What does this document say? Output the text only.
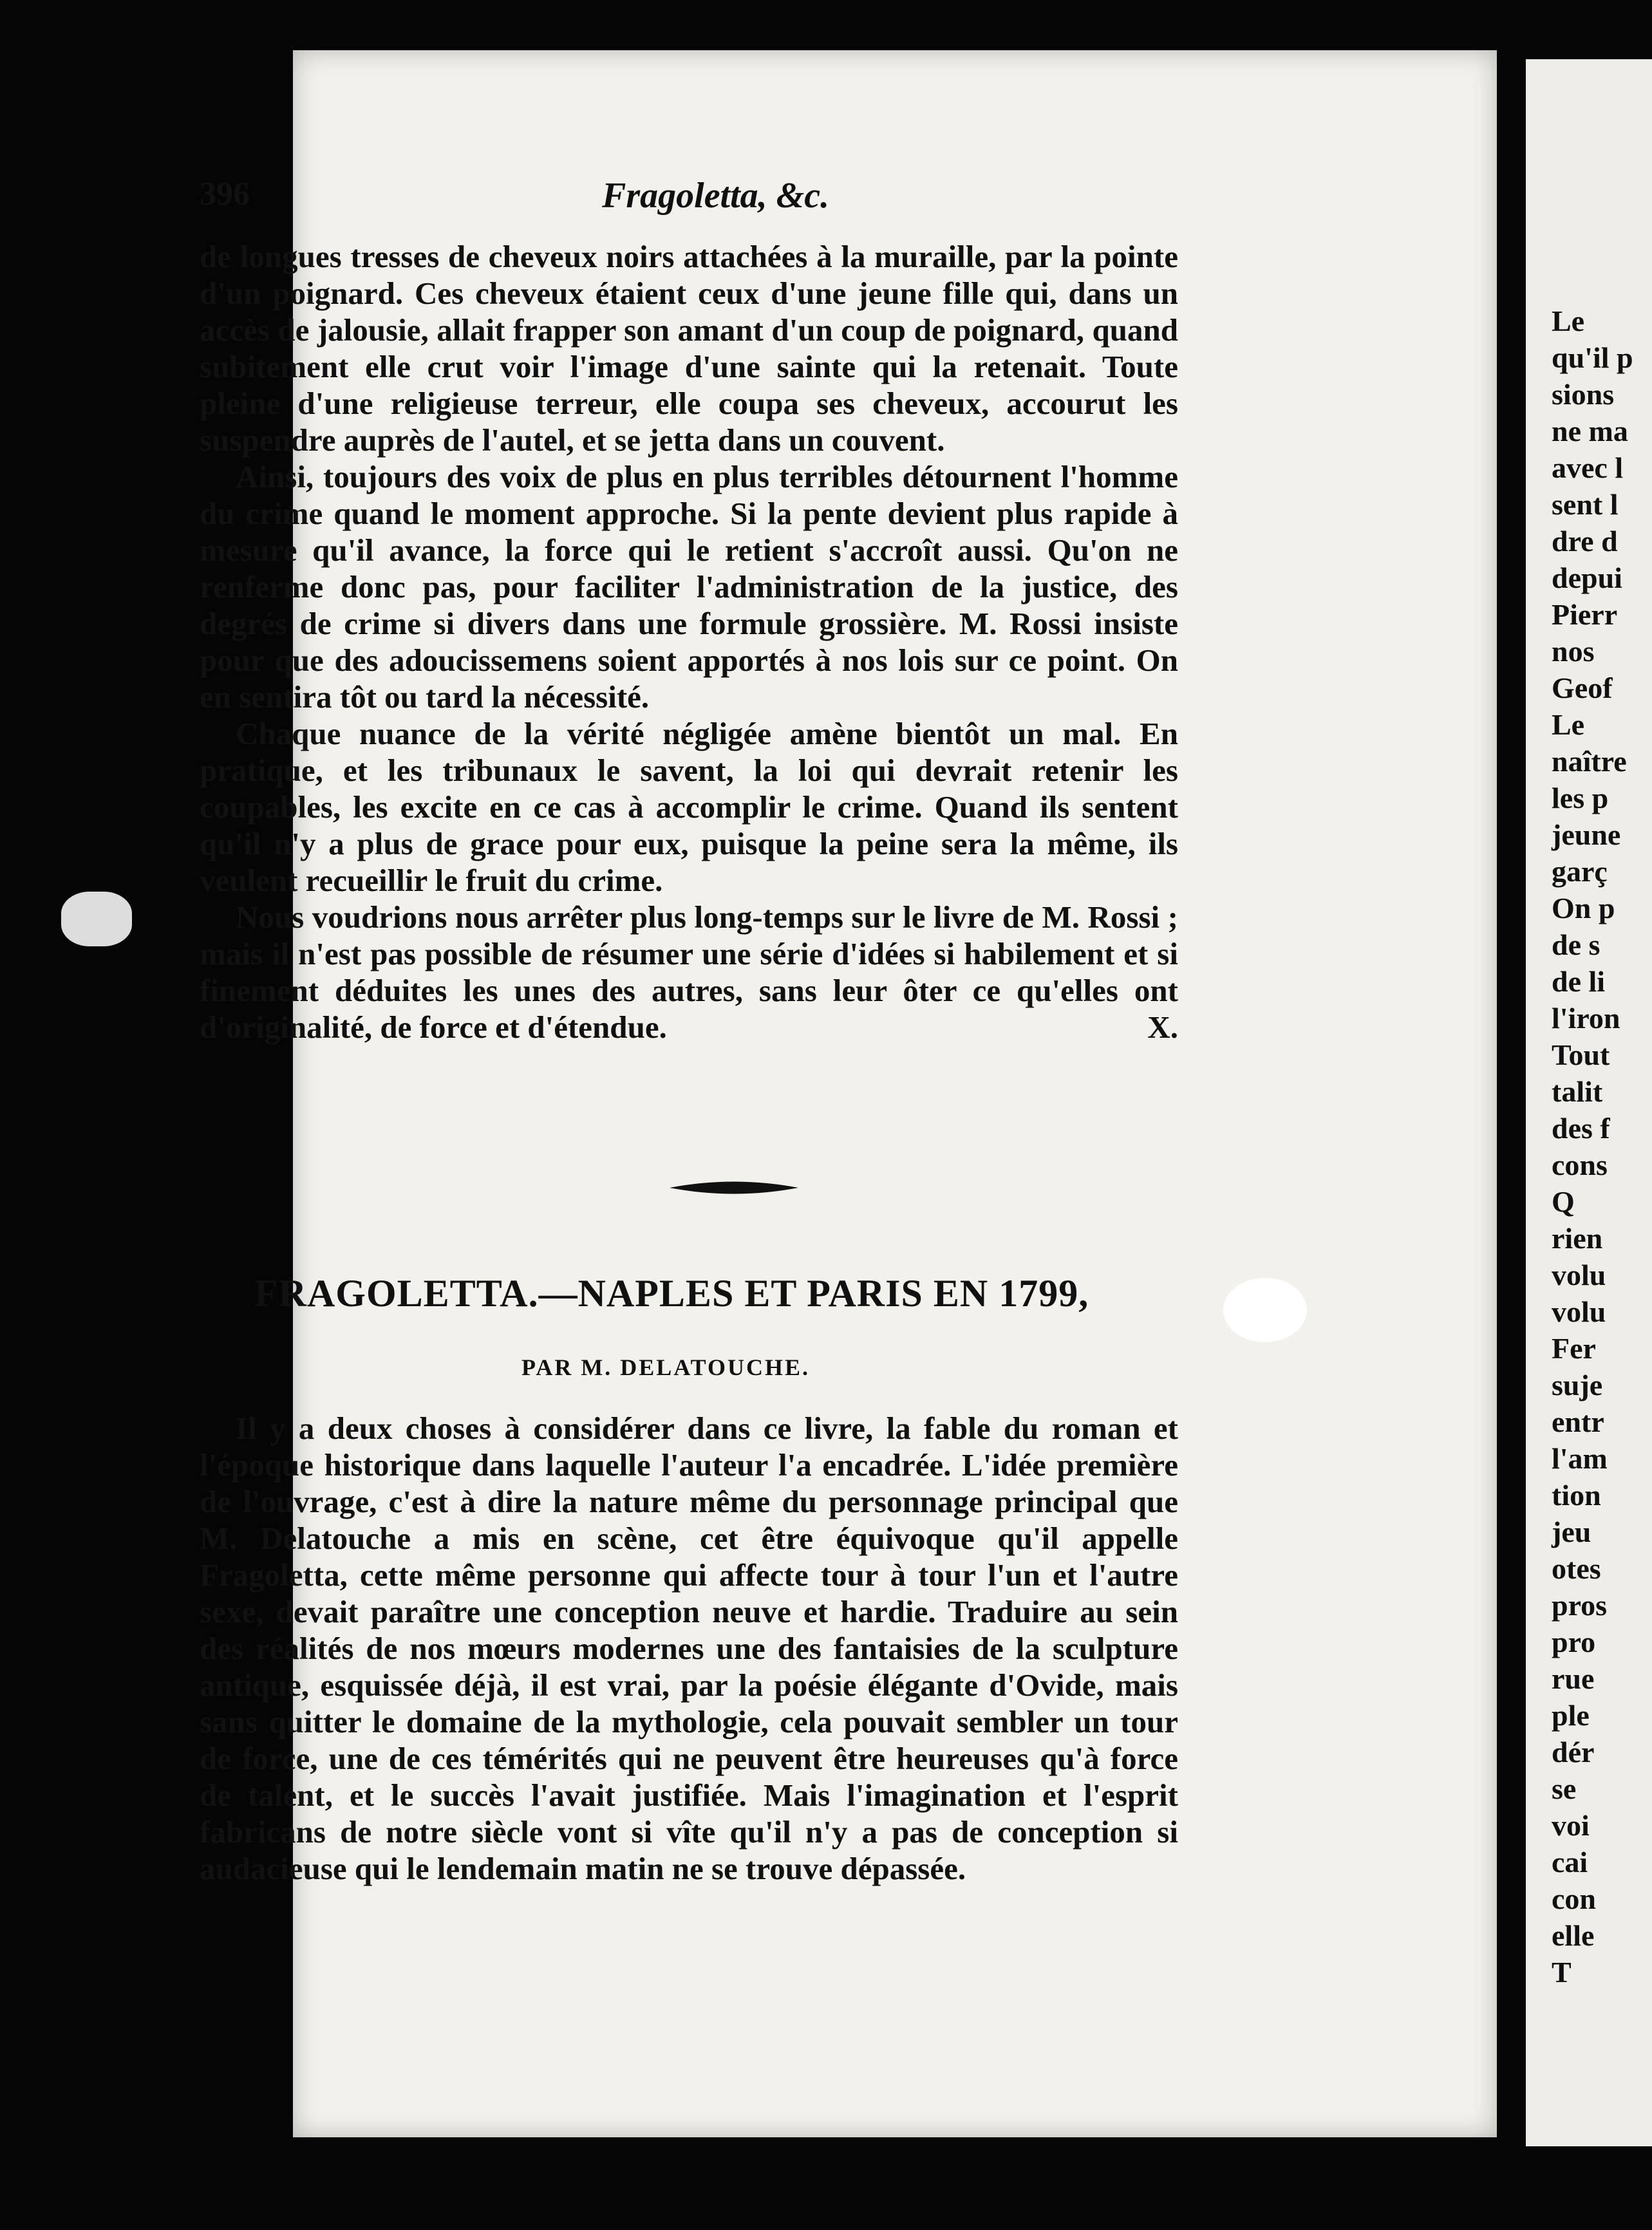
396	Fragoletta, &c.

de longues tresses de cheveux noirs attachées à la muraille, par la pointe d'un poignard. Ces cheveux étaient ceux d'une jeune fille qui, dans un accès de jalousie, allait frapper son amant d'un coup de poignard, quand subitement elle crut voir l'image d'une sainte qui la retenait. Toute pleine d'une religieuse terreur, elle coupa ses cheveux, accourut les suspendre auprès de l'autel, et se jetta dans un couvent.

Ainsi, toujours des voix de plus en plus terribles détournent l'homme du crime quand le moment approche. Si la pente devient plus rapide à mesure qu'il avance, la force qui le retient s'accroît aussi. Qu'on ne renferme donc pas, pour faciliter l'administration de la justice, des degrés de crime si divers dans une formule grossière. M. Rossi insiste pour que des adoucissemens soient apportés à nos lois sur ce point. On en sentira tôt ou tard la nécessité.

Chaque nuance de la vérité négligée amène bientôt un mal. En pratique, et les tribunaux le savent, la loi qui devrait retenir les coupables, les excite en ce cas à accomplir le crime. Quand ils sentent qu'il n'y a plus de grace pour eux, puisque la peine sera la même, ils veulent recueillir le fruit du crime.

Nous voudrions nous arrêter plus long-temps sur le livre de M. Rossi ; mais il n'est pas possible de résumer une série d'idées si habilement et si finement déduites les unes des autres, sans leur ôter ce qu'elles ont d'originalité, de force et d'étendue.	X.

FRAGOLETTA.—NAPLES ET PARIS EN 1799,
PAR M. DELATOUCHE.

Il y a deux choses à considérer dans ce livre, la fable du roman et l'époque historique dans laquelle l'auteur l'a encadrée. L'idée première de l'ouvrage, c'est à dire la nature même du personnage principal que M. Delatouche a mis en scène, cet être équivoque qu'il appelle Fragoletta, cette même personne qui affecte tour à tour l'un et l'autre sexe, devait paraître une conception neuve et hardie. Traduire au sein des réalités de nos mœurs modernes une des fantaisies de la sculpture antique, esquissée déjà, il est vrai, par la poésie élégante d'Ovide, mais sans quitter le domaine de la mythologie, cela pouvait sembler un tour de force, une de ces témérités qui ne peuvent être heureuses qu'à force de talent, et le succès l'avait justifiée. Mais l'imagination et l'esprit fabricans de notre siècle vont si vîte qu'il n'y a pas de conception si audacieuse qui le lendemain matin ne se trouve dépassée.

Le
qu'il p
sions
ne ma
avec l
sent l
dre d
depui
Pierr
nos
Geof
Le
naître
les p
jeune
garç
On p
de s
de li
l'iron
Tout
talit
des f
cons
Q
rien
volu
volu
Fer
suje
entr
l'am
tion
jeu
otes
pros
pro
rue
ple
dér
se
voi
cai
con
elle
T
